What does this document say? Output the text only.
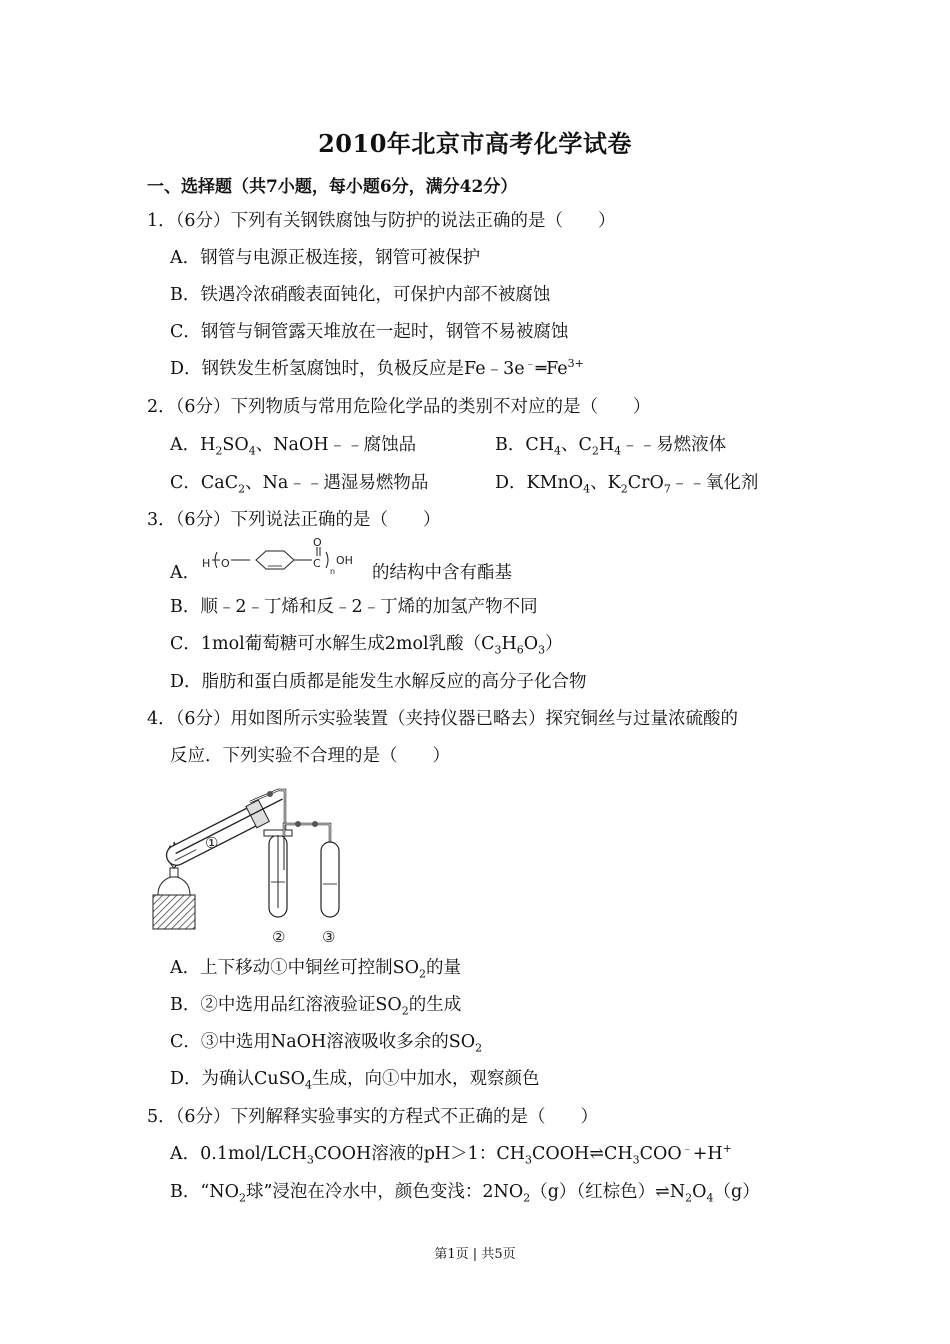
2010年北京市高考化学试卷
一、选择题（共7小题，每小题6分，满分42分）
1．（6分）下列有关钢铁腐蚀与防护的说法正确的是（　　）
A．钢管与电源正极连接，钢管可被保护
B．铁遇冷浓硝酸表面钝化，可保护内部不被腐蚀
C．钢管与铜管露天堆放在一起时，钢管不易被腐蚀
D．钢铁发生析氢腐蚀时，负极反应是$Fe﹣3e^﹣═Fe^{3+}$
2．（6分）下列物质与常用危险化学品的类别不对应的是（　　）
A．$H_2SO_4$、NaOH﹣﹣腐蚀品	B．$CH_4$、$C_2H_4﹣﹣$易燃液体
C．CaC$_2$、Na﹣﹣遇湿易燃物品	D．KMnO$_4$、$K_2CrO_7﹣﹣$氧化剂
3．（6分）下列说法正确的是（　　）
A． H O	C
O
n
OH
的结构中含有酯基
B．顺﹣2﹣丁烯和反﹣2﹣丁烯的加氢产物不同
C．1mol葡萄糖可水解生成2mol乳酸$(C_3H_6O_3)$
D．脂肪和蛋白质都是能发生水解反应的高分子化合物
4．（6分）用如图所示实验装置（夹持仪器已略去）探究铜丝与过量浓硫酸的
反应．下列实验不合理的是（　　）
①
② ③
A．上下移动①中铜丝可控制$SO_2$的量
B．②中选用品红溶液验证$SO_2$的生成
C．③中选用NaOH溶液吸收多余的$SO_2$
D．为确认CuSO$_4$生成，向①中加水，观察颜色
5．（6分）下列解释实验事实的方程式不正确的是（　　）
A．$0.1mol/LCH_3COOH$溶液的pH＞1：$CH_3COOH\rightleftharpoons CH_3COO^﹣+H^+$
B．“$NO_2$球”浸泡在冷水中，颜色变浅：$2NO_2(g)$（红棕色）$\rightleftharpoons N_2O_4(g)$
第1页 | 共5页
